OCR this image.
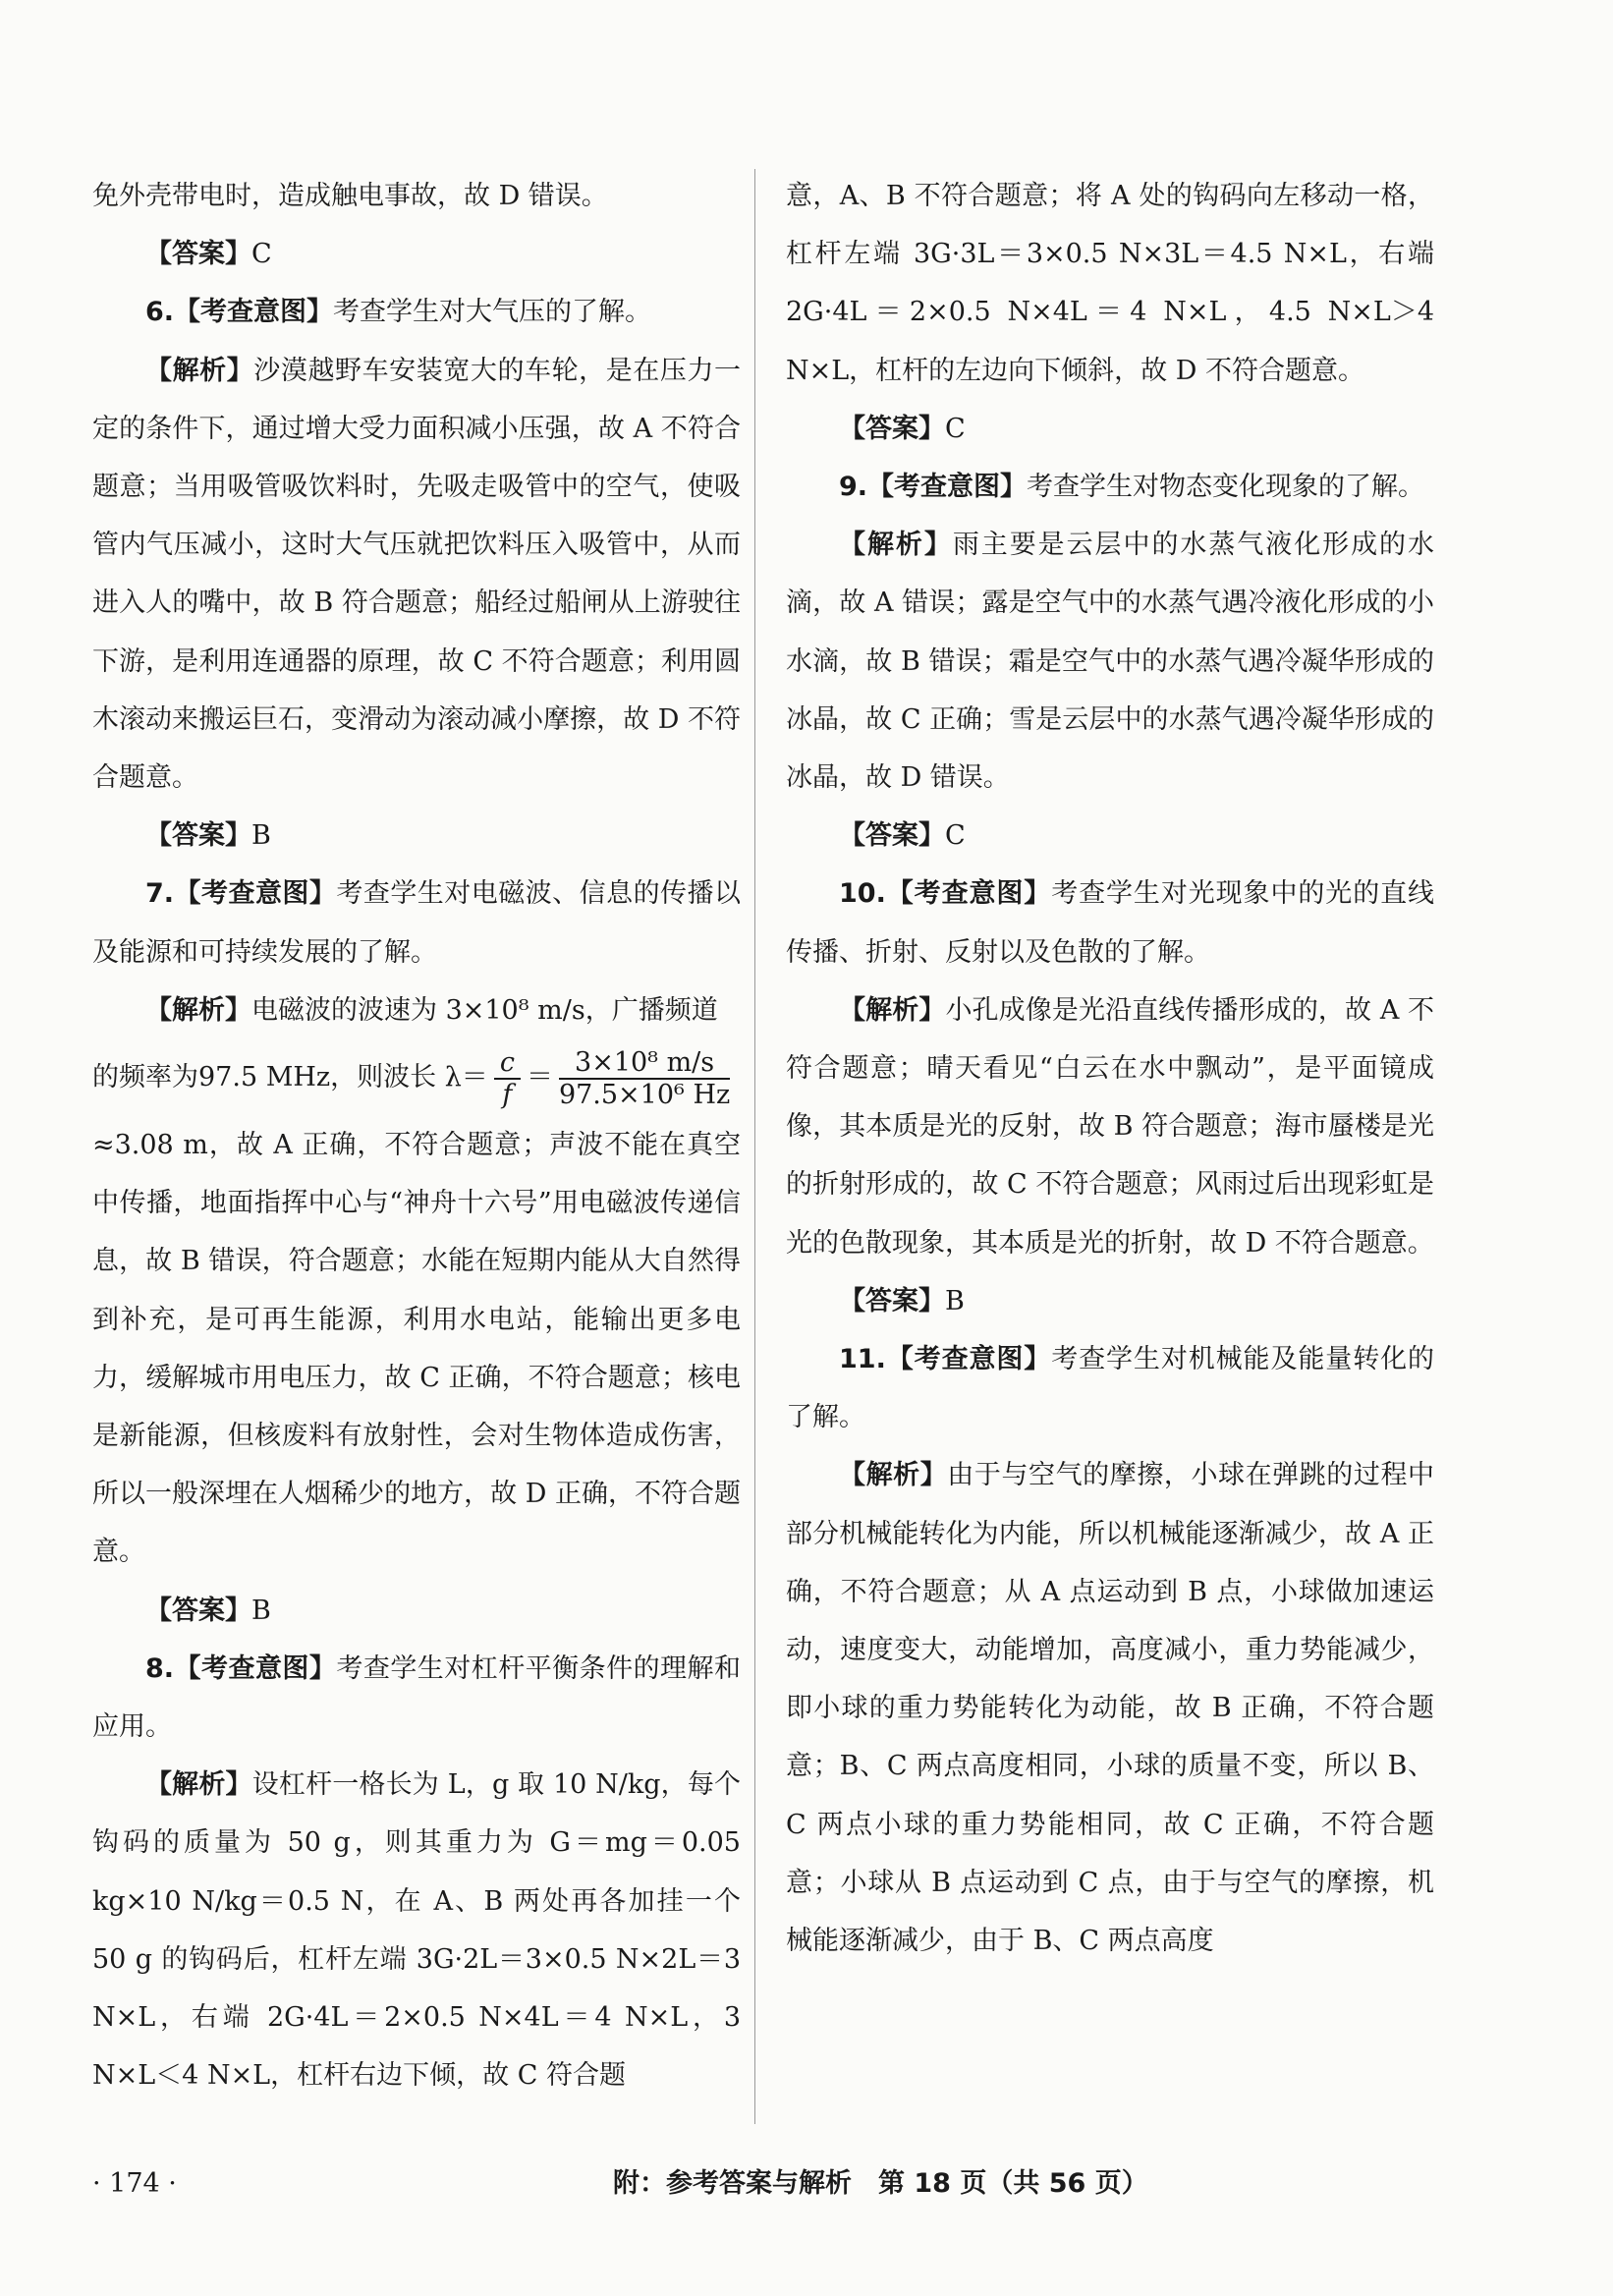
免外壳带电时，造成触电事故，故 D 错误。

【答案】C

6.【考查意图】考查学生对大气压的了解。

【解析】沙漠越野车安装宽大的车轮，是在压力一定的条件下，通过增大受力面积减小压强，故 A 不符合题意；当用吸管吸饮料时，先吸走吸管中的空气，使吸管内气压减小，这时大气压就把饮料压入吸管中，从而进入人的嘴中，故 B 符合题意；船经过船闸从上游驶往下游，是利用连通器的原理，故 C 不符合题意；利用圆木滚动来搬运巨石，变滑动为滚动减小摩擦，故 D 不符合题意。

【答案】B

7.【考查意图】考查学生对电磁波、信息的传播以及能源和可持续发展的了解。

【解析】电磁波的波速为 3×10⁸ m/s，广播频道

的频率为97.5 MHz，则波长 $\lambda= \frac{c}{f} = \frac{\text{3×10⁸ m/s}}{\text{97.5×10⁶ Hz}}$

≈3.08 m，故 A 正确，不符合题意；声波不能在真空中传播，地面指挥中心与“神舟十六号”用电磁波传递信息，故 B 错误，符合题意；水能在短期内能从大自然得到补充，是可再生能源，利用水电站，能输出更多电力，缓解城市用电压力，故 C 正确，不符合题意；核电是新能源，但核废料有放射性，会对生物体造成伤害，所以一般深埋在人烟稀少的地方，故 D 正确，不符合题意。

【答案】B

8.【考查意图】考查学生对杠杆平衡条件的理解和应用。

【解析】设杠杆一格长为 L，g 取 10 N/kg，每个钩码的质量为 50 g，则其重力为 G＝mg＝0.05 kg×10 N/kg＝0.5 N，在 A、B 两处再各加挂一个 50 g 的钩码后，杠杆左端 3G·2L＝3×0.5 N×2L＝3 N×L，右端 2G·4L＝2×0.5 N×4L＝4 N×L，3 N×L＜4 N×L，杠杆右边下倾，故 C 符合题

意，A、B 不符合题意；将 A 处的钩码向左移动一格，杠杆左端 3G·3L＝3×0.5 N×3L＝4.5 N×L，右端 2G·4L＝2×0.5 N×4L＝4 N×L，4.5 N×L＞4 N×L，杠杆的左边向下倾斜，故 D 不符合题意。

【答案】C

9.【考查意图】考查学生对物态变化现象的了解。

【解析】雨主要是云层中的水蒸气液化形成的水滴，故 A 错误；露是空气中的水蒸气遇冷液化形成的小水滴，故 B 错误；霜是空气中的水蒸气遇冷凝华形成的冰晶，故 C 正确；雪是云层中的水蒸气遇冷凝华形成的冰晶，故 D 错误。

【答案】C

10.【考查意图】考查学生对光现象中的光的直线传播、折射、反射以及色散的了解。

【解析】小孔成像是光沿直线传播形成的，故 A 不符合题意；晴天看见“白云在水中飘动”，是平面镜成像，其本质是光的反射，故 B 符合题意；海市蜃楼是光的折射形成的，故 C 不符合题意；风雨过后出现彩虹是光的色散现象，其本质是光的折射，故 D 不符合题意。

【答案】B

11.【考查意图】考查学生对机械能及能量转化的了解。

【解析】由于与空气的摩擦，小球在弹跳的过程中部分机械能转化为内能，所以机械能逐渐减少，故 A 正确，不符合题意；从 A 点运动到 B 点，小球做加速运动，速度变大，动能增加，高度减小，重力势能减少，即小球的重力势能转化为动能，故 B 正确，不符合题意；B、C 两点高度相同，小球的质量不变，所以 B、C 两点小球的重力势能相同，故 C 正确，不符合题意；小球从 B 点运动到 C 点，由于与空气的摩擦，机械能逐渐减少，由于 B、C 两点高度

· 174 ·	附：参考答案与解析　第 18 页（共 56 页）
